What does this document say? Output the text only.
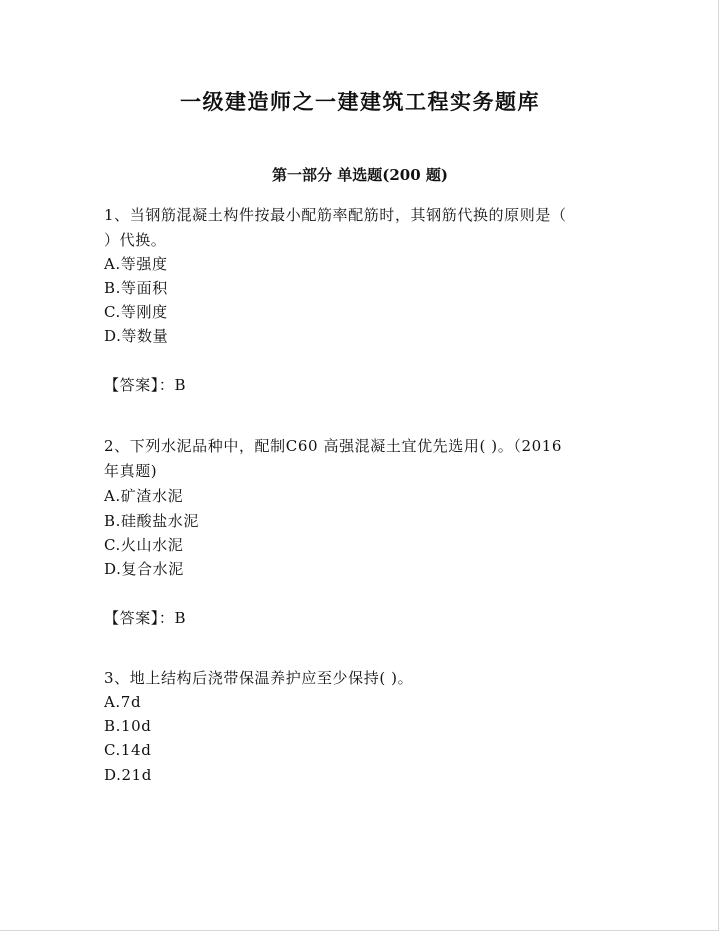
一级建造师之一建建筑工程实务题库
第一部分 单选题(200 题)
1、当钢筋混凝土构件按最小配筋率配筋时，其钢筋代换的原则是（
）代换。
A.等强度
B.等面积
C.等刚度
D.等数量
【答案】：B
2、下列水泥品种中，配制C60 高强混凝土宜优先选用( )。（2016
年真题)
A.矿渣水泥
B.硅酸盐水泥
C.火山水泥
D.复合水泥
【答案】：B
3、地上结构后浇带保温养护应至少保持( )。
A.7d
B.10d
C.14d
D.21d
